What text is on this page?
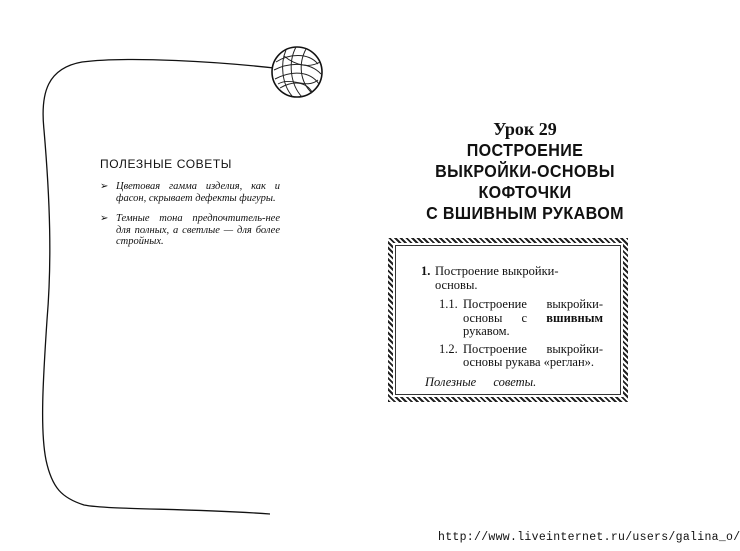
ПОЛЕЗНЫЕ СОВЕТЫ
➢ Цветовая гамма изделия, как и фасон, скрывает дефекты фигуры.
➢ Темные тона предпочтитель-нее для полных, а светлые — для более стройных.
Урок 29
ПОСТРОЕНИЕ
ВЫКРОЙКИ-ОСНОВЫ
КОФТОЧКИ
С ВШИВНЫМ РУКАВОМ
1. Построение выкройки-основы.
1.1. Построение выкройки-основы с вшивным рукавом.
1.2. Построение выкройки-основы рукава «реглан».
Полезные советы.
http://www.liveinternet.ru/users/galina_o/
